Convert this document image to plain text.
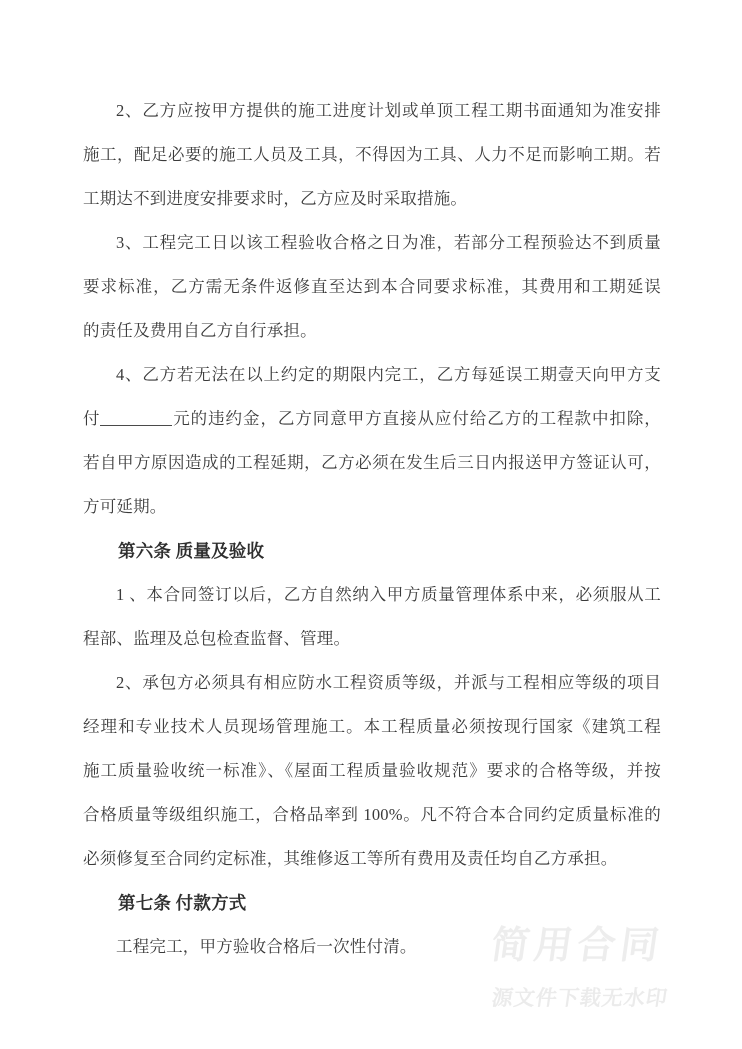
2、乙方应按甲方提供的施工进度计划或单顶工程工期书面通知为准安排
施工，配足必要的施工人员及工具，不得因为工具、人力不足而影响工期。若
工期达不到进度安排要求时，乙方应及时采取措施。
3、工程完工日以该工程验收合格之日为准，若部分工程预验达不到质量
要求标准，乙方需无条件返修直至达到本合同要求标准，其费用和工期延误
的责任及费用自乙方自行承担。
4、乙方若无法在以上约定的期限内完工，乙方每延误工期壹天向甲方支
付	元的违约金，乙方同意甲方直接从应付给乙方的工程款中扣除，
若自甲方原因造成的工程延期，乙方必须在发生后三日内报送甲方签证认可，
方可延期。
第六条 质量及验收
1 、本合同签订以后，乙方自然纳入甲方质量管理体系中来，必须服从工
程部、监理及总包检查监督、管理。
2、承包方必须具有相应防水工程资质等级，并派与工程相应等级的项目
经理和专业技术人员现场管理施工。本工程质量必须按现行国家《建筑工程
施工质量验收统一标准》、《屋面工程质量验收规范》要求的合格等级，并按
合格质量等级组织施工，合格品率到 100%。凡不符合本合同约定质量标准的
必须修复至合同约定标准，其维修返工等所有费用及责任均自乙方承担。
第七条 付款方式
工程完工，甲方验收合格后一次性付清。	简用合同
源文件下载无水印
